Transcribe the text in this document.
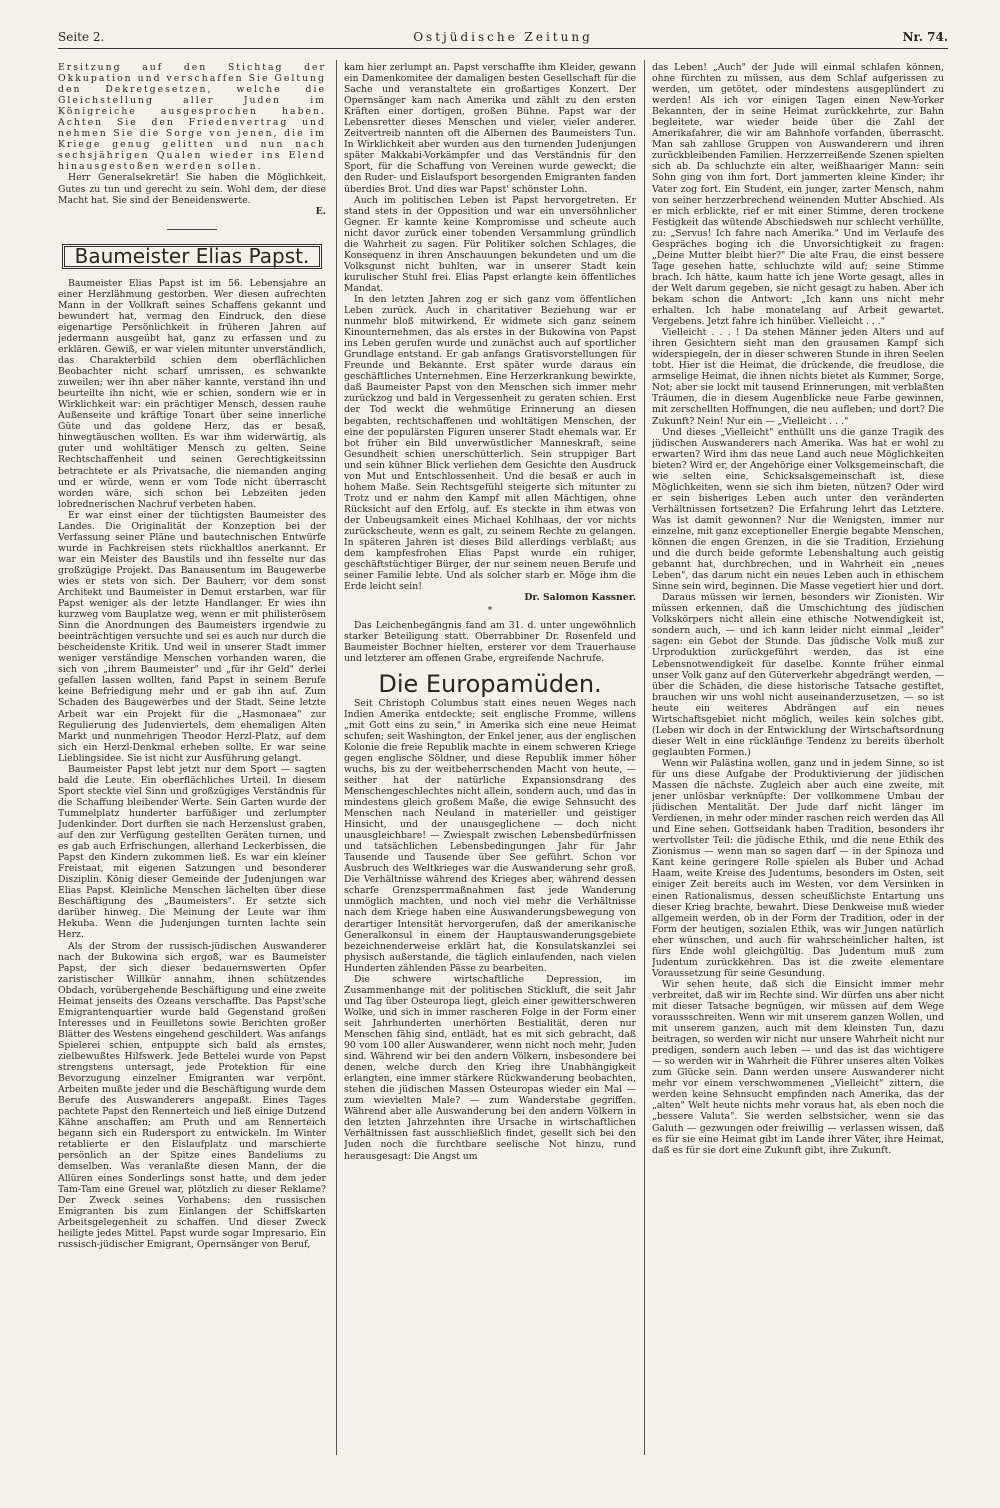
Seite 2.	Ostjüdische Zeitung	Nr. 74.

Ersitzung auf den Stichtag der Okkupation und verschaffen Sie Geltung den Dekretgesetzen, welche die Gleichstellung aller Juden im Königreiche ausgesprochen haben. Achten Sie den Friedenvertrag und nehmen Sie die Sorge von jenen, die im Kriege genug gelitten und nun nach sechsjährigen Qualen wieder ins Elend hinausgestoßen werden sollen.

Herr Generalsekretär! Sie haben die Möglichkeit, Gutes zu tun und gerecht zu sein. Wohl dem, der diese Macht hat. Sie sind der Beneidenswerte.

E.
Baumeister Elias Papst.

Baumeister Elias Papst ist im 56. Lebensjahre an einer Herzlähmung gestorben. Wer diesen aufrechten Mann in der Vollkraft seines Schaffens gekannt und bewundert hat, vermag den Eindruck, den diese eigenartige Persönlichkeit in früheren Jahren auf jedermann ausgeübt hat, ganz zu erfassen und zu erklären. Gewiß, er war vielen mitunter unverständlich, das Charakterbild schien dem oberflächlichen Beobachter nicht scharf umrissen, es schwankte zuweilen; wer ihn aber näher kannte, verstand ihn und beurteilte ihn nicht, wie er schien, sondern wie er in Wirklichkeit war: ein prächtiger Mensch, dessen rauhe Außenseite und kräftige Tonart über seine innerliche Güte und das goldene Herz, das er besaß, hinwegtäuschen wollten. Es war ihm widerwärtig, als guter und wohltätiger Mensch zu gelten. Seine Rechtschaffenheit und seinen Gerechtigkeitssinn betrachtete er als Privatsache, die niemanden anging und er würde, wenn er vom Tode nicht überrascht worden wäre, sich schon bei Lebzeiten jeden lobrednerischen Nachruf verbeten haben.

Er war einst einer der tüchtigsten Baumeister des Landes. Die Originalität der Konzeption bei der Verfassung seiner Pläne und bautechnischen Entwürfe wurde in Fachkreisen stets rückhaltlos anerkannt. Er war ein Meister des Baustils und ihn fesselte nur das großzügige Projekt. Das Banausentum im Baugewerbe wies er stets von sich. Der Bauherr, vor dem sonst Architekt und Baumeister in Demut erstarben, war für Papst weniger als der letzte Handlanger. Er wies ihn kurzweg vom Bauplatze weg, wenn er mit philisterösem Sinn die Anordnungen des Baumeisters irgendwie zu beeinträchtigen versuchte und sei es auch nur durch die bescheidenste Kritik. Und weil in unserer Stadt immer weniger verständige Menschen vorhanden waren, die sich von „ihrem Baumeister" und „für ihr Geld" derlei gefallen lassen wollten, fand Papst in seinem Berufe keine Befriedigung mehr und er gab ihn auf. Zum Schaden des Baugewerbes und der Stadt. Seine letzte Arbeit war ein Projekt für die „Hasmonaea" zur Regulierung des Judenviertels, dem ehemaligen Alten Markt und nunmehrigen Theodor Herzl-Platz, auf dem sich ein Herzl-Denkmal erheben sollte. Er war seine Lieblingsidee. Sie ist nicht zur Ausführung gelangt.

Baumeister Papst lebt jetzt nur dem Sport — sagten bald die Leute. Ein oberflächliches Urteil. In diesem Sport steckte viel Sinn und großzügiges Verständnis für die Schaffung bleibender Werte. Sein Garten wurde der Tummelplatz hunderter barfüßiger und zerlumpter Judenkinder. Dort durften sie nach Herzenslust graben, auf den zur Verfügung gestellten Geräten turnen, und es gab auch Erfrischungen, allerhand Leckerbissen, die Papst den Kindern zukommen ließ. Es war ein kleiner Freistaat, mit eigenen Satzungen und besonderer Disziplin. König dieser Gemeinde der Judenjungen war Elias Papst. Kleinliche Menschen lächelten über diese Beschäftigung des „Baumeisters". Er setzte sich darüber hinweg. Die Meinung der Leute war ihm Hekuba. Wenn die Judenjungen turnten lachte sein Herz.

Als der Strom der russisch-jüdischen Auswanderer nach der Bukowina sich ergoß, war es Baumeister Papst, der sich dieser bedauernswerten Opfer zaristischer Willkür annahm, ihnen schützendes Obdach, vorübergehende Beschäftigung und eine zweite Heimat jenseits des Ozeans verschaffte. Das Papst'sche Emigrantenquartier wurde bald Gegenstand großen Interesses und in Feuilletons sowie Berichten großer Blätter des Westens eingehend geschildert. Was anfangs Spielerei schien, entpuppte sich bald als ernstes, zielbewußtes Hilfswerk. Jede Bettelei wurde von Papst strengstens untersagt, jede Protektion für eine Bevorzugung einzelner Emigranten war verpönt. Arbeiten mußte jeder und die Beschäftigung wurde dem Berufe des Auswanderers angepaßt. Eines Tages pachtete Papst den Rennerteich und ließ einige Dutzend Kähne anschaffen; am Pruth und am Rennerteich begann sich ein Rudersport zu entwickeln. Im Winter retablierte er den Eislaufplatz und marschierte persönlich an der Spitze eines Bandeliums zu demselben. Was veranlaßte diesen Mann, der die Allüren eines Sonderlings sonst hatte, und dem jeder Tam-Tam eine Greuel war, plötzlich zu dieser Reklame? Der Zweck seines Vorhabens: den russischen Emigranten bis zum Einlangen der Schiffskarten Arbeitsgelegenheit zu schaffen. Und dieser Zweck heiligte jedes Mittel. Papst wurde sogar Impresario. Ein russisch-jüdischer Emigrant, Opernsänger von Beruf,

kam hier zerlumpt an. Papst verschaffte ihm Kleider, gewann ein Damenkomitee der damaligen besten Gesellschaft für die Sache und veranstaltete ein großartiges Konzert. Der Opernsänger kam nach Amerika und zählt zu den ersten Kräften einer dortigen, großen Bühne. Papst war der Lebensretter dieses Menschen und vieler, vieler anderer. Zeitvertreib nannten oft die Albernen des Baumeisters Tun. In Wirklichkeit aber wurden aus den turnenden Judenjungen später Makkabi-Vorkämpfer und das Verständnis für den Sport, für die Schaffung von Vereinen wurde geweckt; die den Ruder- und Eislaufsport besorgenden Emigranten fanden überdies Brot. Und dies war Papst' schönster Lohn.

Auch im politischen Leben ist Papst hervorgetreten. Er stand stets in der Opposition und war ein unversöhnlicher Gegner. Er kannte keine Kompromisse und scheute auch nicht davor zurück einer tobenden Versammlung gründlich die Wahrheit zu sagen. Für Politiker solchen Schlages, die Konsequenz in ihren Anschauungen bekundeten und um die Volksgunst nicht buhlten, war in unserer Stadt kein kurulischer Stuhl frei. Elias Papst erlangte kein öffentliches Mandat.

In den letzten Jahren zog er sich ganz vom öffentlichen Leben zurück. Auch in charitativer Beziehung war er nunmehr bloß mitwirkend. Er widmete sich ganz seinem Kinounternehmen, das als erstes in der Bukowina von Papst ins Leben gerufen wurde und zunächst auch auf sportlicher Grundlage entstand. Er gab anfangs Gratisvorstellungen für Freunde und Bekannte. Erst später wurde daraus ein geschäftliches Unternehmen. Eine Herzerkrankung bewirkte, daß Baumeister Papst von den Menschen sich immer mehr zurückzog und bald in Vergessenheit zu geraten schien. Erst der Tod weckt die wehmütige Erinnerung an diesen begabten, rechtschaffenen und wohltätigen Menschen, der eine der populärsten Figuren unserer Stadt ehemals war. Er bot früher ein Bild unverwüstlicher Manneskraft, seine Gesundheit schien unerschütterlich. Sein struppiger Bart und sein kühner Blick verliehen dem Gesichte den Ausdruck von Mut und Entschlossenheit. Und die besaß er auch in hohem Maße. Sein Rechtsgefühl steigerte sich mitunter zu Trotz und er nahm den Kampf mit allen Mächtigen, ohne Rücksicht auf den Erfolg, auf. Es steckte in ihm etwas von der Unbeugsamkeit eines Michael Kohlhaas, der vor nichts zurückscheute, wenn es galt, zu seinem Rechte zu gelangen. In späteren Jahren ist dieses Bild allerdings verblaßt; aus dem kampfesfrohen Elias Papst wurde ein ruhiger, geschäftstüchtiger Bürger, der nur seinem neuen Berufe und seiner Familie lebte. Und als solcher starb er. Möge ihm die Erde leicht sein!

Dr. Salomon Kassner.
*

Das Leichenbegängnis fand am 31. d. unter ungewöhnlich starker Beteiligung statt. Oberrabbiner Dr. Rosenfeld und Baumeister Bochner hielten, ersterer vor dem Trauerhause und letzterer am offenen Grabe, ergreifende Nachrufe.

Die Europamüden.

Seit Christoph Columbus statt eines neuen Weges nach Indien Amerika entdeckte; seit englische Fromme, willens „mit Gott eins zu sein," in Amerika sich eine neue Heimat schufen; seit Washington, der Enkel jener, aus der englischen Kolonie die freie Republik machte in einem schweren Kriege gegen englische Söldner, und diese Republik immer höher wuchs, bis zu der weitbeherrschenden Macht von heute, — seither hat der natürliche Expansionsdrang des Menschengeschlechtes nicht allein, sondern auch, und das in mindestens gleich großem Maße, die ewige Sehnsucht des Menschen nach Neuland in materieller und geistiger Hinsicht, und der unausgeglichene — doch nicht unausgleichbare! — Zwiespalt zwischen Lebensbedürfnissen und tatsächlichen Lebensbedingungen Jahr für Jahr Tausende und Tausende über See geführt. Schon vor Ausbruch des Weltkrieges war die Auswanderung sehr groß. Die Verhältnisse während des Krieges aber, während dessen scharfe Grenzsperrmaßnahmen fast jede Wanderung unmöglich machten, und noch viel mehr die Verhältnisse nach dem Kriege haben eine Auswanderungsbewegung von derartiger Intensität hervorgerufen, daß der amerikanische Generalkonsul in einem der Hauptauswanderungsgebiete bezeichnenderweise erklärt hat, die Konsulatskanzlei sei physisch außerstande, die täglich einlaufenden, nach vielen Hunderten zählenden Pässe zu bearbeiten.

Die schwere wirtschaftliche Depression, im Zusammenhange mit der politischen Stickluft, die seit Jahr und Tag über Osteuropa liegt, gleich einer gewitterschweren Wolke, und sich in immer rascheren Folge in der Form einer seit Jahrhunderten unerhörten Bestialität, deren nur Menschen fähig sind, entlädt, hat es mit sich gebracht, daß 90 vom 100 aller Auswanderer, wenn nicht noch mehr, Juden sind. Während wir bei den andern Völkern, insbesondere bei denen, welche durch den Krieg ihre Unabhängigkeit erlangten, eine immer stärkere Rückwanderung beobachten, stehen die jüdischen Massen Osteuropas wieder ein Mal — zum wievielten Male? — zum Wanderstabe gegriffen. Während aber alle Auswanderung bei den andern Völkern in den letzten Jahrzehnten ihre Ursache in wirtschaftlichen Verhältnissen fast ausschließlich findet, gesellt sich bei den Juden noch die furchtbare seelische Not hinzu, rund herausgesagt: Die Angst um

das Leben! „Auch" der Jude will einmal schlafen können, ohne fürchten zu müssen, aus dem Schlaf aufgerissen zu werden, um getötet, oder mindestens ausgeplündert zu werden! Als ich vor einigen Tagen einen New-Yorker Bekannten, der in seine Heimat zurückkehrte, zur Bahn begleitete, war wieder beide über die Zahl der Amerikafahrer, die wir am Bahnhofe vorfanden, überrascht. Man sah zahllose Gruppen von Auswanderern und ihren zurückbleibenden Familien. Herzzerreißende Szenen spielten sich ab. Da schluchzte ein alter, weißhaariger Mann: sein Sohn ging von ihm fort. Dort jammerten kleine Kinder; ihr Vater zog fort. Ein Student, ein junger, zarter Mensch, nahm von seiner herzzerbrechend weinenden Mutter Abschied. Als er mich erblickte, rief er mit einer Stimme, deren trockene Festigkeit das wütende Abschiedsweh nur schlecht verhüllte, zu: „Servus! Ich fahre nach Amerika." Und im Verlaufe des Gespräches boging ich die Unvorsichtigkeit zu fragen: „Deine Mutter bleibt hier?" Die alte Frau, die einst bessere Tage gesehen hatte, schluchzte wild auf; seine Stimme brach. Ich hätte, kaum hatte ich jene Worte gesagt, alles in der Welt darum gegeben, sie nicht gesagt zu haben. Aber ich bekam schon die Antwort: „Ich kann uns nicht mehr erhalten. Ich habe monatelang auf Arbeit gewartet. Vergebens. Jetzt fahre ich hinüber. Vielleicht . . ."

Vielleicht . . . ! Da stehen Männer jeden Alters und auf ihren Gesichtern sieht man den grausamen Kampf sich widerspiegeln, der in dieser schweren Stunde in ihren Seelen tobt. Hier ist die Heimat, die drückende, die freudlose, die armselige Heimat, die ihnen nichts bietet als Kummer, Sorge, Not; aber sie lockt mit tausend Erinnerungen, mit verblaßten Träumen, die in diesem Augenblicke neue Farbe gewinnen, mit zerschellten Hoffnungen, die neu aufleben; und dort? Die Zukunft? Nein! Nur ein — „Vielleicht . . ."

Und dieses „Vielleicht" enthüllt uns die ganze Tragik des jüdischen Auswanderers nach Amerika. Was hat er wohl zu erwarten? Wird ihm das neue Land auch neue Möglichkeiten bieten? Wird er, der Angehörige einer Volksgemeinschaft, die wie selten eine, Schicksalsgemeinschaft ist, diese Möglichkeiten, wenn sie sich ihm bieten, nützen? Oder wird er sein bisheriges Leben auch unter den veränderten Verhältnissen fortsetzen? Die Erfahrung lehrt das Letztere. Was ist damit gewonnen? Nur die Wenigsten, immer nur einzelne, mit ganz exceptioneller Energie begabte Menschen, können die engen Grenzen, in die sie Tradition, Erziehung und die durch beide geformte Lebenshaltung auch geistig gebannt hat, durchbrechen, und in Wahrheit ein „neues Leben", das darum nicht ein neues Leben auch in ethischem Sinne sein wird, beginnen. Die Masse vegetiert hier und dort.

Daraus müssen wir lernen, besonders wir Zionisten. Wir müssen erkennen, daß die Umschichtung des jüdischen Volkskörpers nicht allein eine ethische Notwendigkeit ist, sondern auch, — und ich kann leider nicht einmal „leider" sagen: ein Gebot der Stunde. Das jüdische Volk muß zur Urproduktion zurückgeführt werden, das ist eine Lebensnotwendigkeit für daselbe. Konnte früher einmal unser Volk ganz auf den Güterverkehr abgedrängt werden, — über die Schäden, die diese historische Tatsache gestiftet, brauchen wir uns wohl nicht auseinanderzusetzen, — so ist heute ein weiteres Abdrängen auf ein neues Wirtschaftsgebiet nicht möglich, weiles kein solches gibt. (Leben wir doch in der Entwicklung der Wirtschaftsordnung dieser Welt in eine rückläufige Tendenz zu bereits überholt geglaubten Formen.)

Wenn wir Palästina wollen, ganz und in jedem Sinne, so ist für uns diese Aufgabe der Produktivierung der jüdischen Massen die nächste. Zugleich aber auch eine zweite, mit jener unlösbar verknüpfte: Der vollkommene Umbau der jüdischen Mentalität. Der Jude darf nicht länger im Verdienen, in mehr oder minder raschen reich werden das All und Eine sehen. Gottseidank haben Tradition, besonders ihr wertvollster Teil: die jüdische Ethik, und die neue Ethik des Zionismus — wenn man so sagen darf — in der Spinoza und Kant keine geringere Rolle spielen als Buber und Achad Haam, weite Kreise des Judentums, besonders im Osten, seit einiger Zeit bereits auch im Westen, vor dem Versinken in einen Rationalismus, dessen scheußlichste Entartung uns dieser Krieg brachte, bewahrt. Diese Denkweise muß wieder allgemein werden, ob in der Form der Tradition, oder in der Form der heutigen, sozialen Ethik, was wir Jungen natürlich eher wünschen, und auch für wahrscheinlicher halten, ist fürs Ende wohl gleichgültig. Das Judentum muß zum Judentum zurückkehren. Das ist die zweite elementare Voraussetzung für seine Gesundung.

Wir sehen heute, daß sich die Einsicht immer mehr verbreitet, daß wir im Rechte sind. Wir dürfen uns aber nicht mit dieser Tatsache begnügen, wir müssen auf dem Wege voraussschreiten. Wenn wir mit unserem ganzen Wollen, und mit unserem ganzen, auch mit dem kleinsten Tun, dazu beitragen, so werden wir nicht nur unsere Wahrheit nicht nur predigen, sondern auch leben — und das ist das wichtigere — so werden wir in Wahrheit die Führer unseres alten Volkes zum Glücke sein. Dann werden unsere Auswanderer nicht mehr vor einem verschwommenen „Vielleicht" zittern, die werden keine Sehnsucht empfinden nach Amerika, das der „alten" Welt heute nichts mehr voraus hat, als eben noch die „bessere Valuta". Sie werden selbstsicher, wenn sie das Galuth — gezwungen oder freiwillig — verlassen wissen, daß es für sie eine Heimat gibt im Lande ihrer Väter, ihre Heimat, daß es für sie dort eine Zukunft gibt, ihre Zukunft.
